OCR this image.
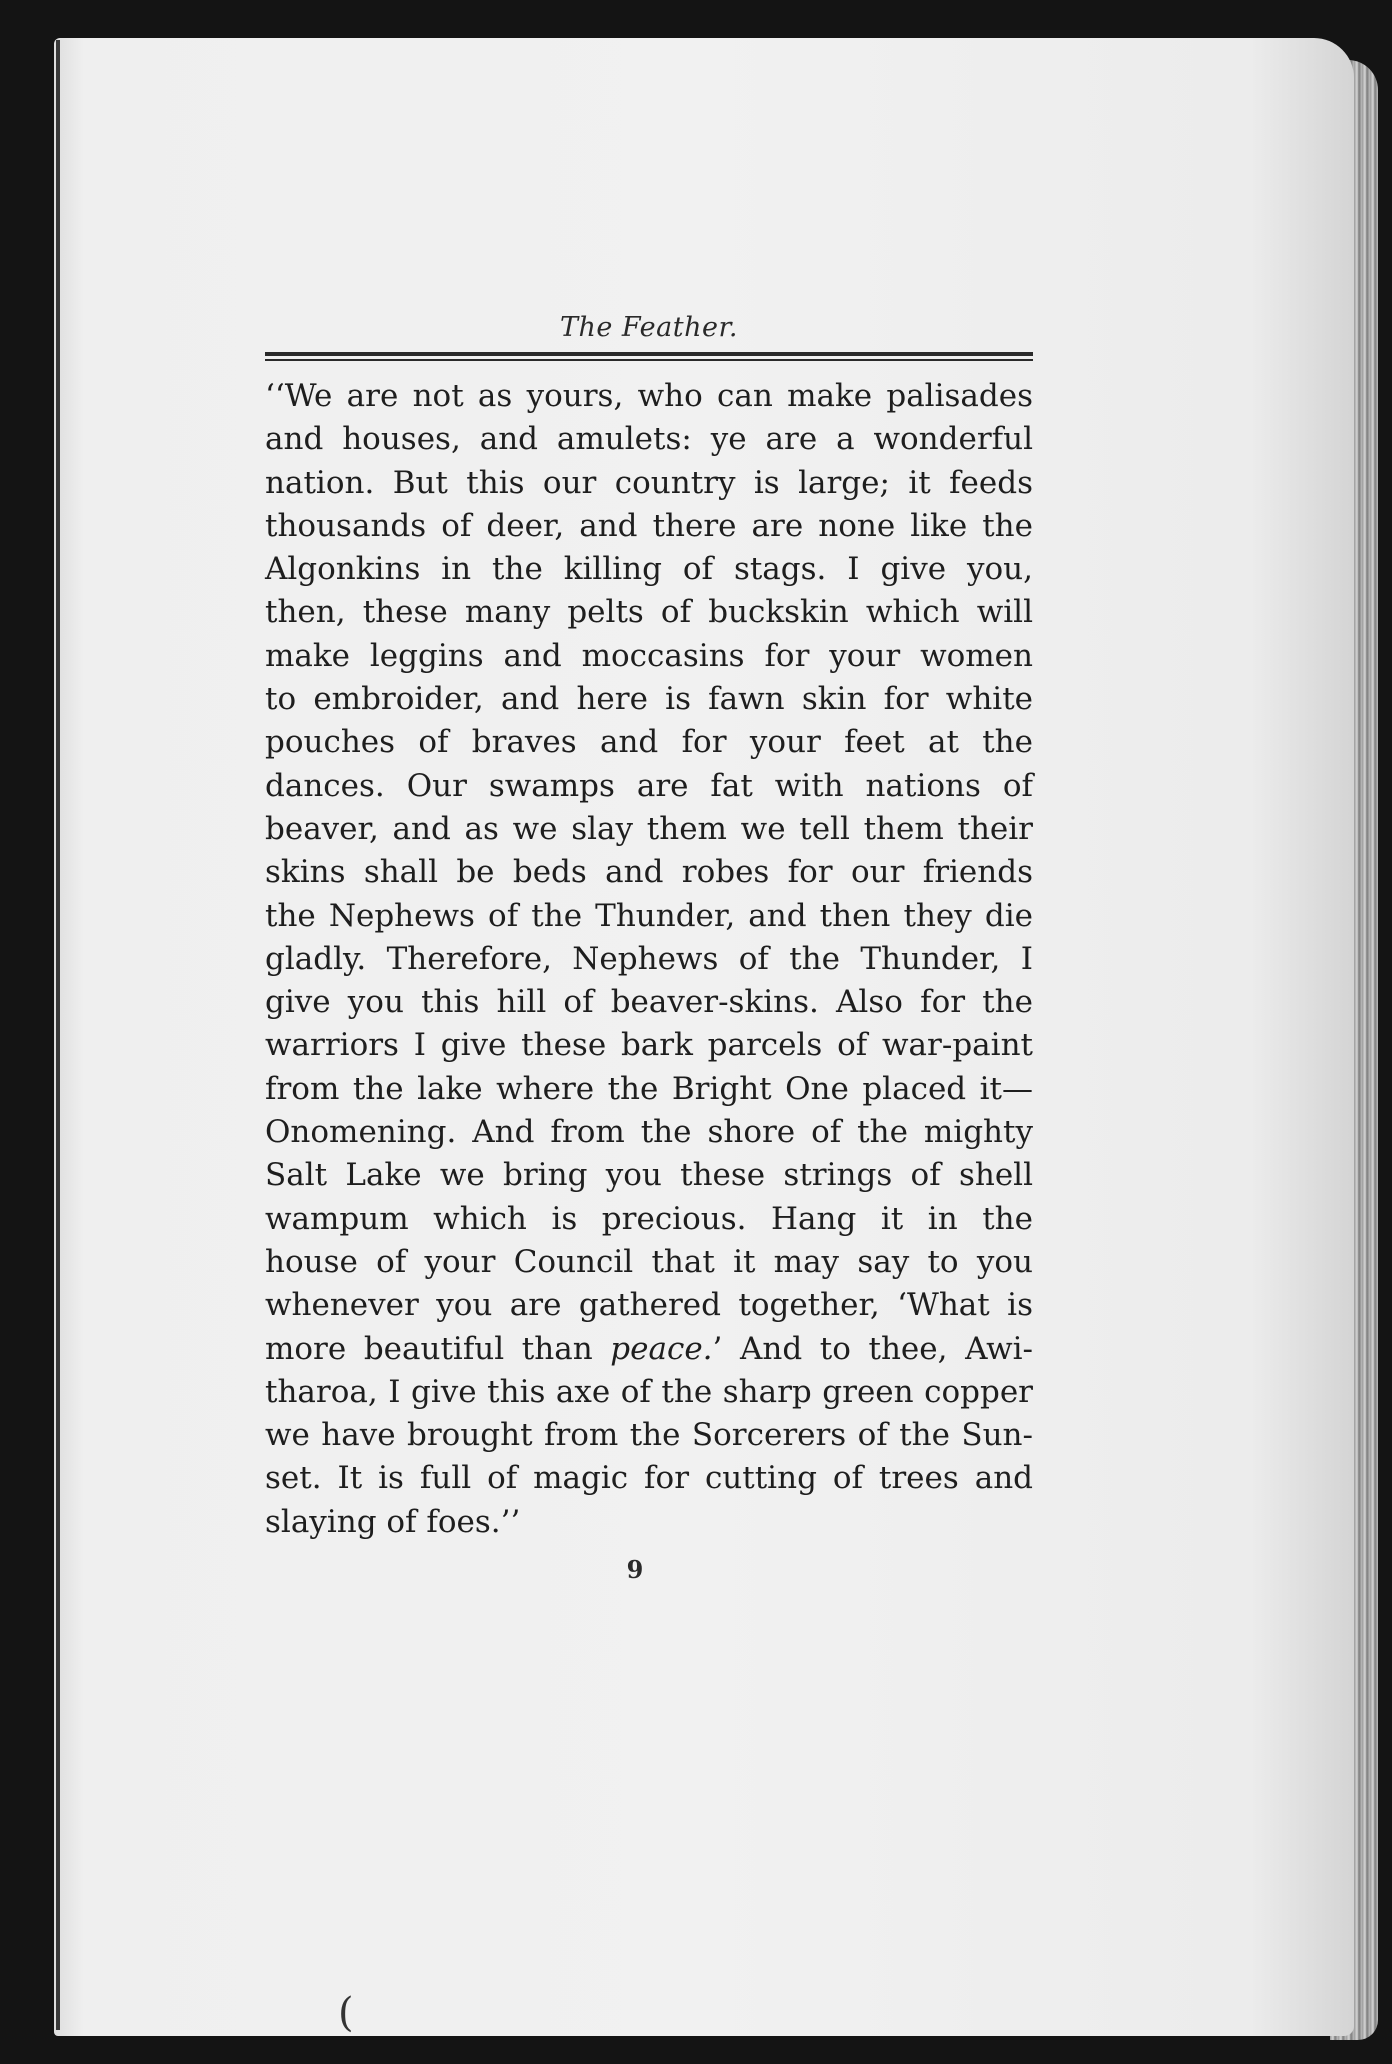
The Feather.
‘‘We are not as yours, who can make palisades
and houses, and amulets: ye are a wonderful
nation. But this our country is large; it feeds
thousands of deer, and there are none like the
Algonkins in the killing of stags. I give you,
then, these many pelts of buckskin which will
make leggins and moccasins for your women
to embroider, and here is fawn skin for white
pouches of braves and for your feet at the
dances. Our swamps are fat with nations of
beaver, and as we slay them we tell them their
skins shall be beds and robes for our friends
the Nephews of the Thunder, and then they die
gladly. Therefore, Nephews of the Thunder, I
give you this hill of beaver-skins. Also for the
warriors I give these bark parcels of war-paint
from the lake where the Bright One placed it—
Onomening. And from the shore of the mighty
Salt Lake we bring you these strings of shell
wampum which is precious. Hang it in the
house of your Council that it may say to you
whenever you are gathered together, ‘What is
more beautiful than peace.’ And to thee, Awi-
tharoa, I give this axe of the sharp green copper
we have brought from the Sorcerers of the Sun-
set. It is full of magic for cutting of trees and
slaying of foes.’’
9
(
